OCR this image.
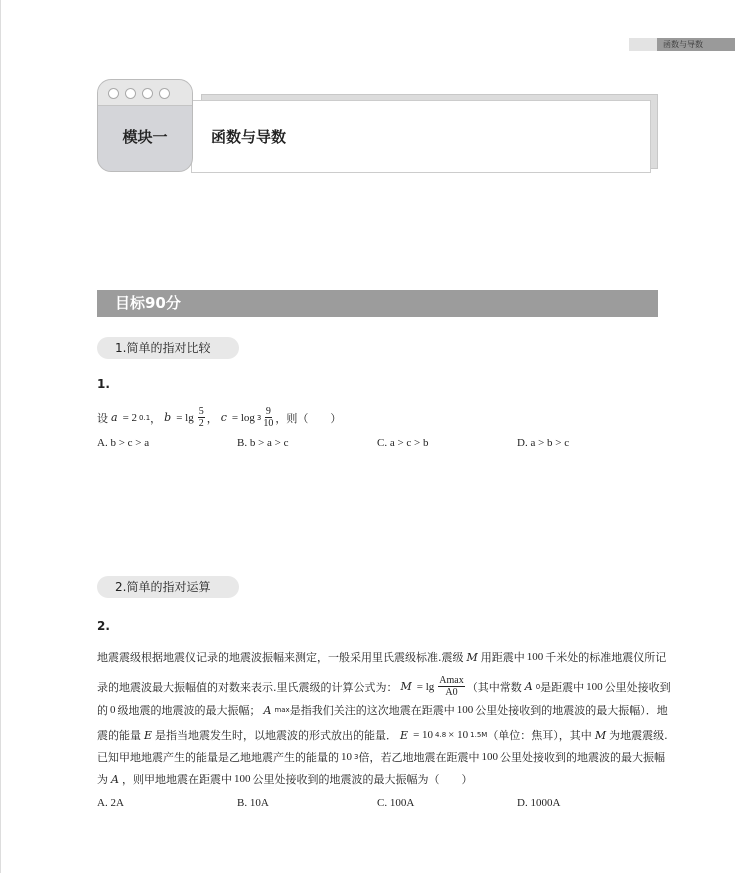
函数与导数
函数与导数
模块一
目标90分
1.简单的指对比较
1.
设 a = 2 0.1 ， $b = \lg \frac{5}{2}$ ， $c = \log 3 \frac{9}{10}$ ，则（　　）
A. b > c > a	B. b > a > c	C. a > c > b	D. a > b > c
2.简单的指对运算
2.
地震震级根据地震仪记录的地震波振幅来测定，一般采用里氏震级标准.震级 M 用距震中 100 千米处的标准地震仪所记
录的地震波最大振幅值的对数来表示.里氏震级的计算公式为： $M = \lg \frac{Amax}{A0}$ （其中常数 A 0 是距震中 100 公里处接收到
的 0 级地震的地震波的最大振幅； A max 是指我们关注的这次地震在距震中 100 公里处接收到的地震波的最大振幅）．地
震的能量 E 是指当地震发生时，以地震波的形式放出的能量． E = 10 4.8 × 10 1.5M （单位：焦耳），其中 M 为地震震级.
已知甲地地震产生的能量是乙地地震产生的能量的 10 3 倍，若乙地地震在距震中 100 公里处接收到的地震波的最大振幅
为 A ，则甲地地震在距震中 100 公里处接收到的地震波的最大振幅为（　　）
A. 2A	B. 10A	C. 100A	D. 1000A
